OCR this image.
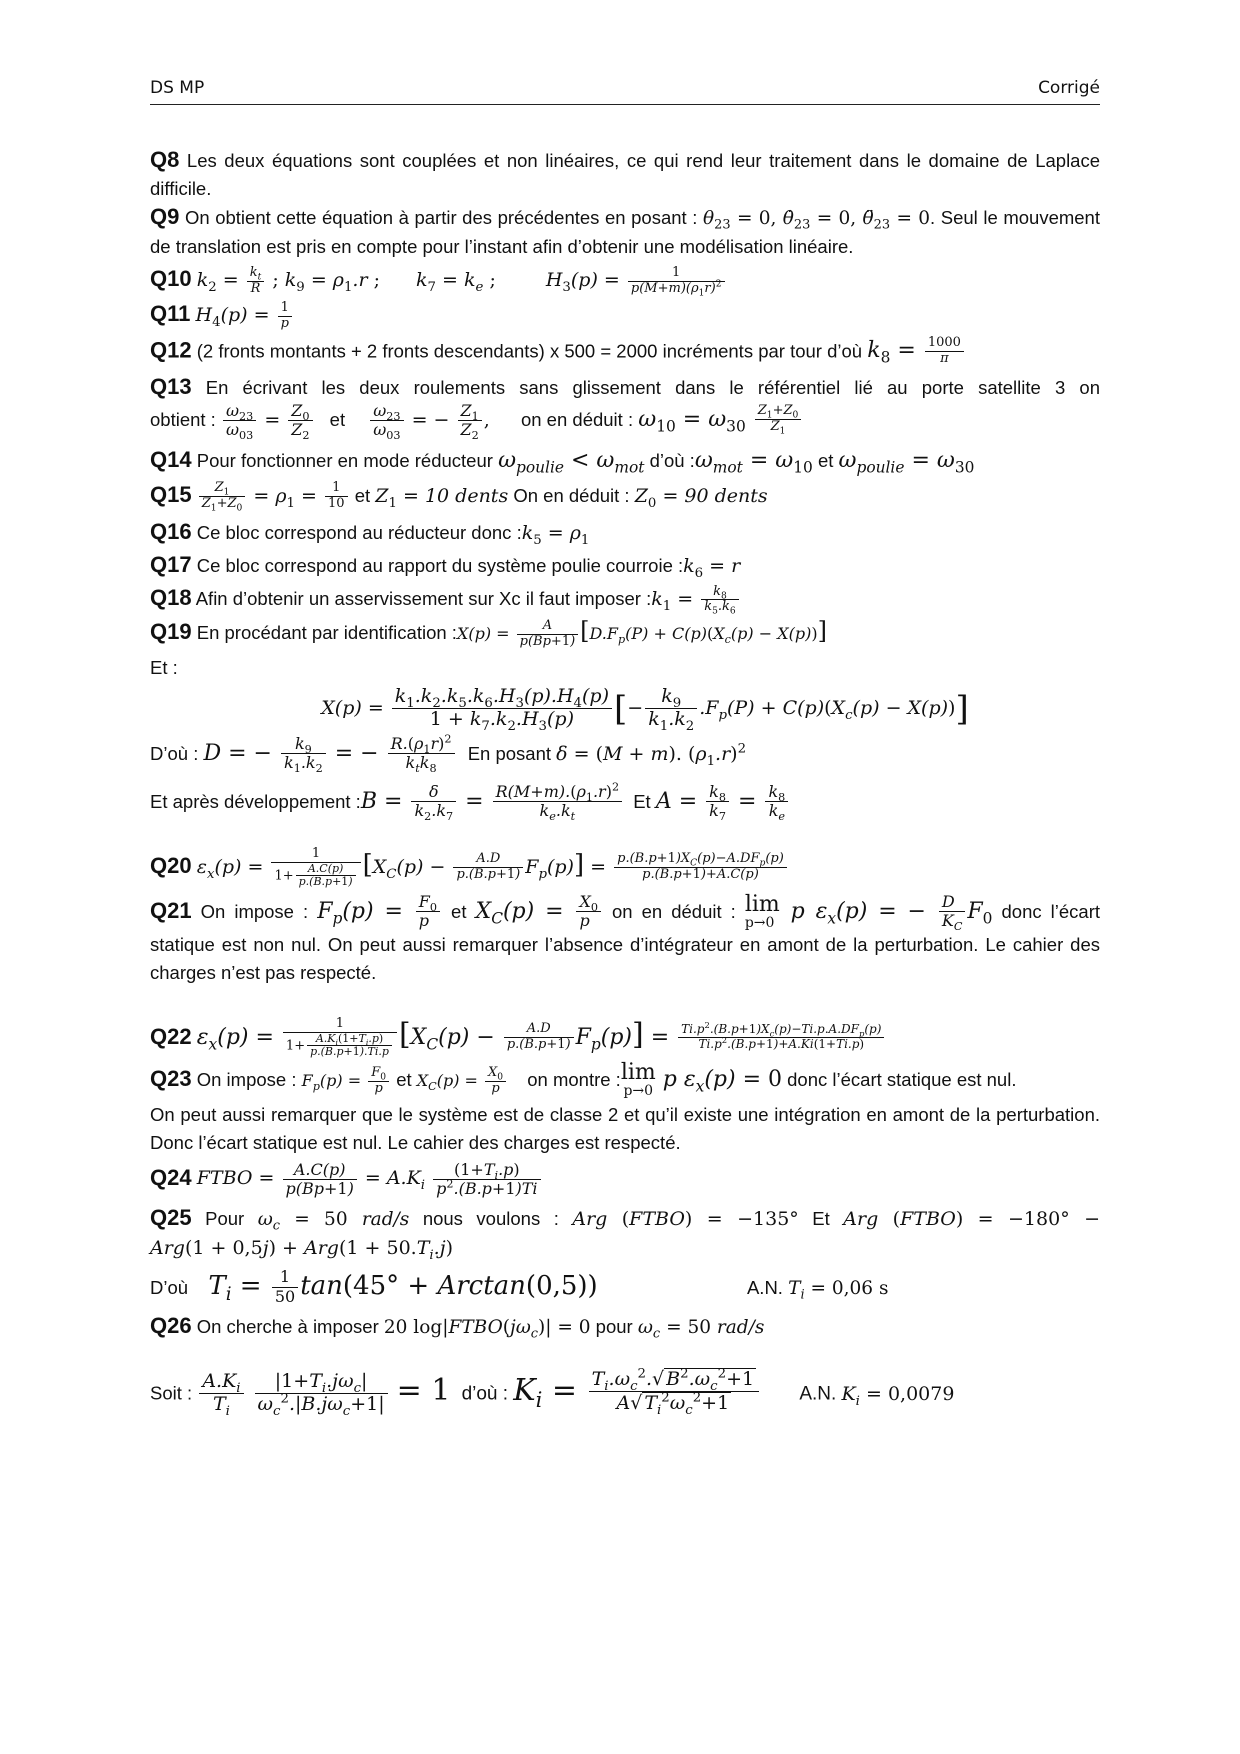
DS MP	Corrigé

Q8 Les deux équations sont couplées et non linéaires, ce qui rend leur traitement dans le domaine de Laplace difficile.

Q9 On obtient cette équation à partir des précédentes en posant : $\theta_{23} = 0$, $\thetȧ_{23} = 0$, $\thetä_{23} = 0$. Seul le mouvement de translation est pris en compte pour l’instant afin d’obtenir une modélisation linéaire.

Q10 $k_2 = \frac{k_t}{R}$ ; $k_9 = \rho_1.r$ ; $k_7 = k_e$ ;	$H_3(p) = \frac{1}{p(M+m)(\rho_1r)^2}$

Q11 $H_4(p) = \frac{1}{p}$

Q12 (2 fronts montants + 2 fronts descendants) x 500 = 2000 incréments par tour d’où $k_8 = \frac{1000}{\pi}$

Q13 En écrivant les deux roulements sans glissement dans le référentiel lié au porte satellite 3 on

obtient : $\frac{\omega_{23}}{\omega_{03}} = \frac{Z_0}{Z_2}$ et $\frac{\omega_{23}}{\omega_{03}}$ = − $\frac{Z_1}{Z_2}$ , on en déduit : $\omega_{10} = \omega_{30} \frac{Z_1+Z_0}{Z_1}$

Q14 Pour fonctionner en mode réducteur $\omega_{poulie} < \omega_{mot}$ d’où $:\omega_{mot} = \omega_{10}$ et $\omega_{poulie} = \omega_{30}$

$Q15 \frac{Z_1}{Z_1+Z_0} = \rho_1 = \frac{1}{10}$ et $Z_1 = 10$ dents On en déduit : $Z_0 = 90$ dents

Q16 Ce bloc correspond au réducteur donc $:k_5 = \rho_1$

Q17 Ce bloc correspond au rapport du système poulie courroie $:k_6 = r$

Q18 Afin d’obtenir un asservissement sur Xc il faut imposer $:k_1 = \frac{k_8}{k_5.k_6}$

Q19 En procédant par identification :X(p) = $\frac{A}{p(Bp+1)} [D.F_p(P) + C(p)(X_c(p) - X(p))]$

Et :

$X(p) = \frac{k_1.k_2.k_5.k_6.H_3(p).H_4(p)}{1 + k_7.k_2.H_3(p)}$ [− $\frac{k_9}{k_1.k_2} .F_p(P) + C(p)(X_c(p) - X(p))$]

D’où : D = − $\frac{k_9}{k_1.k_2}$ = − $\frac{R.(\rho_1r)^2}{k_tk_8}$ En posant δ = (M + m). $(\rho_1.r)^2$

Et après développement :B = $\frac{\delta}{k_2.k_7} = \frac{R(M+m).(\rho_1.r)^2}{k_e.k_t}$ Et $A = \frac{k_8}{k_7} = \frac{k_8}{k_e}$

Q20 $\varepsilon_x(p) = \frac{1}{1+ \frac{A.C(p)}{p.(B.p+1)}} [X_C(p) - \frac{A.D}{p.(B.p+1)} F_p(p)] = \frac{p.(B.p+1)X_C(p)-A.DF_p(p)}{p.(B.p+1)+A.C(p)}$

Q21 On impose : $F_p(p) = \frac{F_0}{p}$ et $X_C(p) = \frac{X_0}{p}$ on en déduit : lim
p→0 p $\varepsilon_x(p)$ = − $\frac{D}{K_C} F_0$ donc l’écart

statique est non nul. On peut aussi remarquer l’absence d’intégrateur en amont de la perturbation. Le cahier des charges n’est pas respecté.

Q22 $\varepsilon_x(p) = \frac{1}{1+ \frac{A.K_i(1+T_i.p)}{p.(B.p+1).Ti.p}} [X_C(p) - \frac{A.D}{p.(B.p+1)} F_p(p)] = \frac{Ti.p^2.(B.p+1)X_c(p)-Ti.p.A.DF_p(p)}{Ti.p^2.(B.p+1)+A.Ki(1+Ti.p)}$

Q23 On impose : $F_p(p) = \frac{F_0}{p}$ et $X_C(p) = \frac{X_0}{p}$ on montre : lim
p→0 p $\varepsilon_x(p) = 0$ donc l’écart statique est nul.

On peut aussi remarquer que le système est de classe 2 et qu’il existe une intégration en amont de la perturbation. Donc l’écart statique est nul. Le cahier des charges est respecté.

Q24 FTBO = $\frac{A.C(p)}{p(Bp+1)} = A.K_i \frac{(1+T_i.p)}{p^2.(B.p+1)Ti}$

Q25 Pour $\omega_c = 50$ rad/s nous voulons : Arg (FTBO) = −135° Et Arg (FTBO) = −180° −

$Arg(1 + 0,5j) + Arg(1 + 50.T_i.j)$

D’où $T_i = \frac{1}{50} \tan(45^\circ + Arctan(0,5))$	A.N. $T_i = 0,06$ s

Q26 On cherche à imposer 20 $\log|FTBO(j\omega_c)| = 0$ pour $\omega_c = 50$ rad/s

Soit : $\frac{A.K_i}{T_i}$
$\frac{|1+T_i.j\omega_c|}{\omega_c^2.|B.j\omega_c+1|} = 1$ d’où : $K_i = \frac{T_i.\omega_c^2.√ B^2.\omega_c^2+1}{A√ T_i^2\omega_c^2+1} A.N$. $K_i = 0,0079$
